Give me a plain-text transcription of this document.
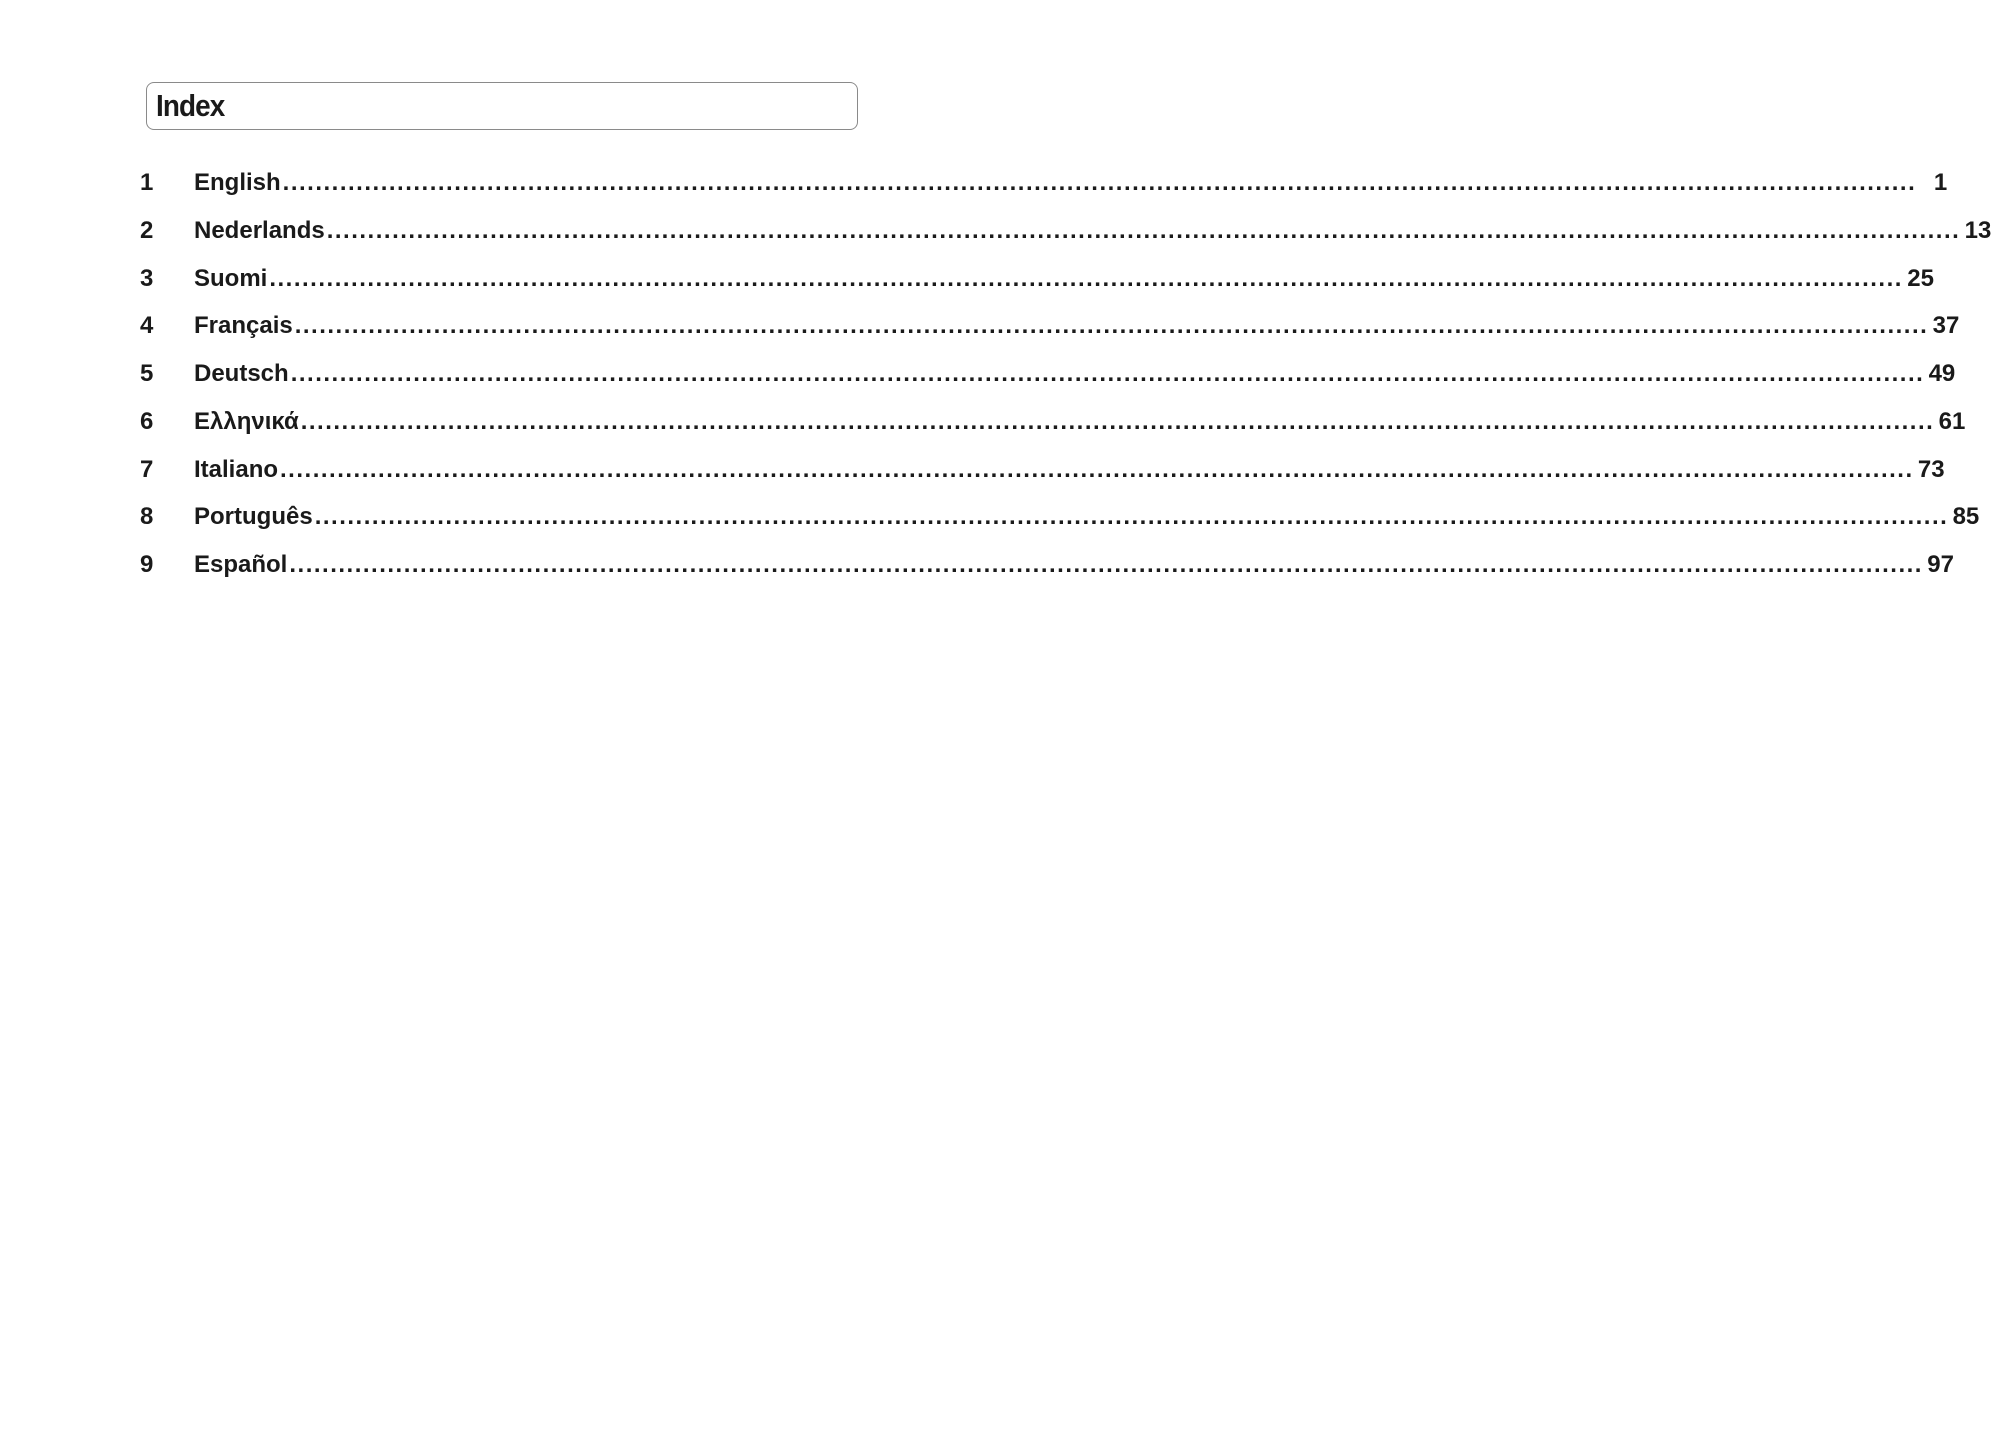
Index
1	English ........................................................................................................................................................................................................ 1
2	Nederlands ........................................................................................................................................................................................................ 13
3	Suomi ........................................................................................................................................................................................................ 25
4	Français ........................................................................................................................................................................................................ 37
5	Deutsch ........................................................................................................................................................................................................ 49
6	Ελληνικά ........................................................................................................................................................................................................ 61
7	Italiano ........................................................................................................................................................................................................ 73
8	Português ........................................................................................................................................................................................................ 85
9	Español ........................................................................................................................................................................................................ 97
